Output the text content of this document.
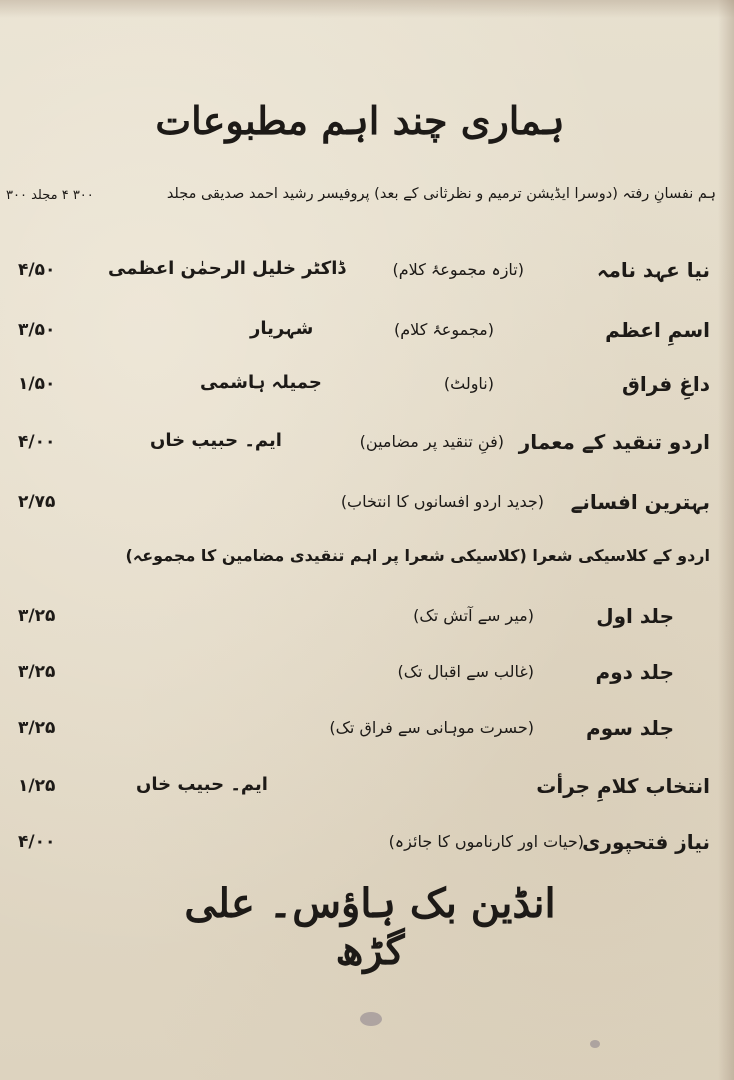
ہماری چند اہم مطبوعات
ہم نفسانِ رفتہ (دوسرا ایڈیشن ترمیم و نظرثانی کے بعد) پروفیسر رشید احمد صدیقی مجلد
۳۰۰ ۴ مجلد ۳۰۰
نیا عہد نامہ
(تازہ مجموعۂ کلام)
ڈاکٹر خلیل الرحمٰن اعظمی
۴/۵۰
اسمِ اعظم
(مجموعۂ کلام)
شہریار
۳/۵۰
داغِ فراق
(ناولٹ)
جمیلہ ہاشمی
۱/۵۰
اردو تنقید کے معمار
(فنِ تنقید پر مضامین)
ایم۔ حبیب خاں
۴/۰۰
بہترین افسانے
(جدید اردو افسانوں کا انتخاب)
۲/۷۵
اردو کے کلاسیکی شعرا (کلاسیکی شعرا پر اہم تنقیدی مضامین کا مجموعہ)
جلد اول
(میر سے آتش تک)
۳/۲۵
جلد دوم
(غالب سے اقبال تک)
۳/۲۵
جلد سوم
(حسرت موہانی سے فراق تک)
۳/۲۵
انتخاب کلامِ جرأت
ایم۔ حبیب خاں
۱/۲۵
نیاز فتحپوری
(حیات اور کارناموں کا جائزہ)
۴/۰۰
انڈین بک ہاؤس۔ علی گڑھ
